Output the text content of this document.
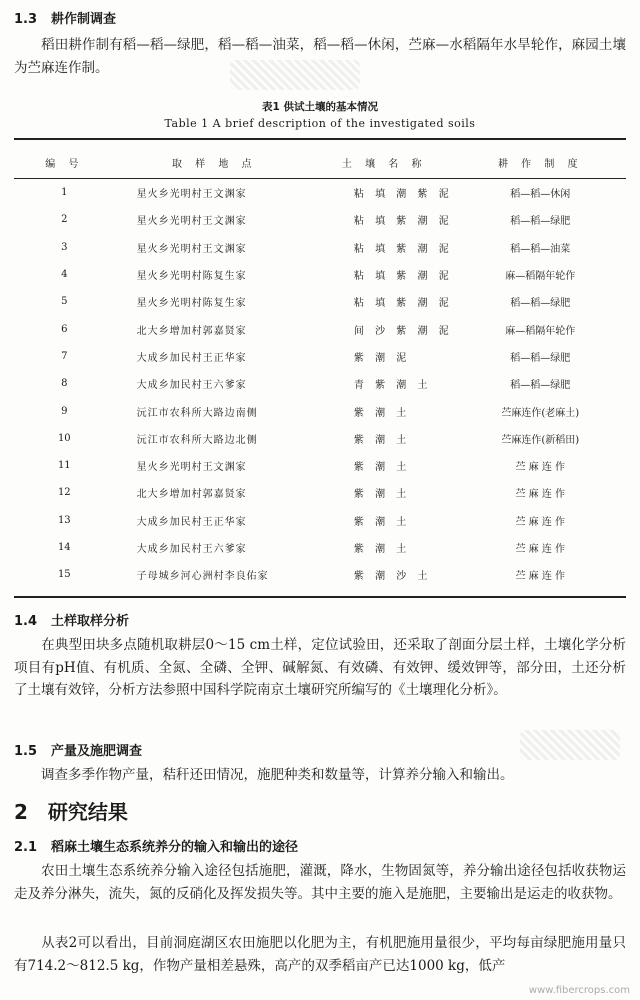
1.3 耕作制调查
稻田耕作制有稻—稻—绿肥，稻—稻—油菜，稻—稻—休闲，苎麻—水稻隔年水旱轮作，麻园土壤为苎麻连作制。
表1 供试土壤的基本情况
Table 1 A brief description of the investigated soils
编 号	取 样 地 点	土 壤 名 称	耕 作 制 度
1	星火乡光明村王文渊家	粘 填 潮 紫 泥	稻—稻—休闲
2	星火乡光明村王文渊家	粘 填 紫 潮 泥	稻—稻—绿肥
3	星火乡光明村王文渊家	粘 填 紫 潮 泥	稻—稻—油菜
4	星火乡光明村陈复生家	粘 填 紫 潮 泥	麻—稻隔年轮作
5	星火乡光明村陈复生家	粘 填 紫 潮 泥	稻—稻—绿肥
6	北大乡增加村郭嘉贤家	间 沙 紫 潮 泥	麻—稻隔年轮作
7	大成乡加民村王正华家	紫 潮 泥	稻—稻—绿肥
8	大成乡加民村王六爹家	青 紫 潮 土	稻—稻—绿肥
9	沅江市农科所大路边南侧	紫 潮 土	苎麻连作(老麻土)
10	沅江市农科所大路边北侧	紫 潮 土	苎麻连作(新稻田)
11	星火乡光明村王文渊家	紫 潮 土	苎 麻 连 作
12	北大乡增加村郭嘉贤家	紫 潮 土	苎 麻 连 作
13	大成乡加民村王正华家	紫 潮 土	苎 麻 连 作
14	大成乡加民村王六爹家	紫 潮 土	苎 麻 连 作
15	子母城乡河心洲村李良佑家	紫 潮 沙 土	苎 麻 连 作
1.4 土样取样分析
在典型田块多点随机取耕层0～15 cm土样，定位试验田，还采取了剖面分层土样，土壤化学分析项目有pH值、有机质、全氮、全磷、全钾、碱解氮、有效磷、有效钾、缓效钾等，部分田，土还分析了土壤有效锌，分析方法参照中国科学院南京土壤研究所编写的《土壤理化分析》。
1.5 产量及施肥调查
调查多季作物产量，秸秆还田情况，施肥种类和数量等，计算养分输入和输出。
2 研究结果
2.1 稻麻土壤生态系统养分的输入和输出的途径
农田土壤生态系统养分输入途径包括施肥，灌溉，降水，生物固氮等，养分输出途径包括收获物运走及养分淋失，流失，氮的反硝化及挥发损失等。其中主要的施入是施肥，主要输出是运走的收获物。
从表2可以看出，目前洞庭湖区农田施肥以化肥为主，有机肥施用量很少，平均每亩绿肥施用量只有714.2～812.5 kg，作物产量相差悬殊，高产的双季稻亩产已达1000 kg，低产
www.fibercrops.com
